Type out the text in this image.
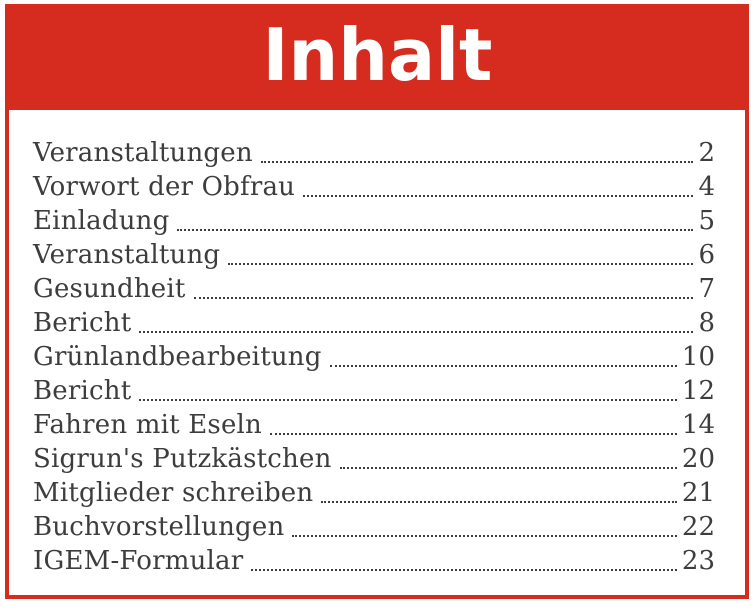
Inhalt
Veranstaltungen	2
Vorwort der Obfrau	4
Einladung	5
Veranstaltung	6
Gesundheit	7
Bericht	8
Grünlandbearbeitung	10
Bericht	12
Fahren mit Eseln	14
Sigrun's Putzkästchen	20
Mitglieder schreiben	21
Buchvorstellungen	22
IGEM-Formular	23
